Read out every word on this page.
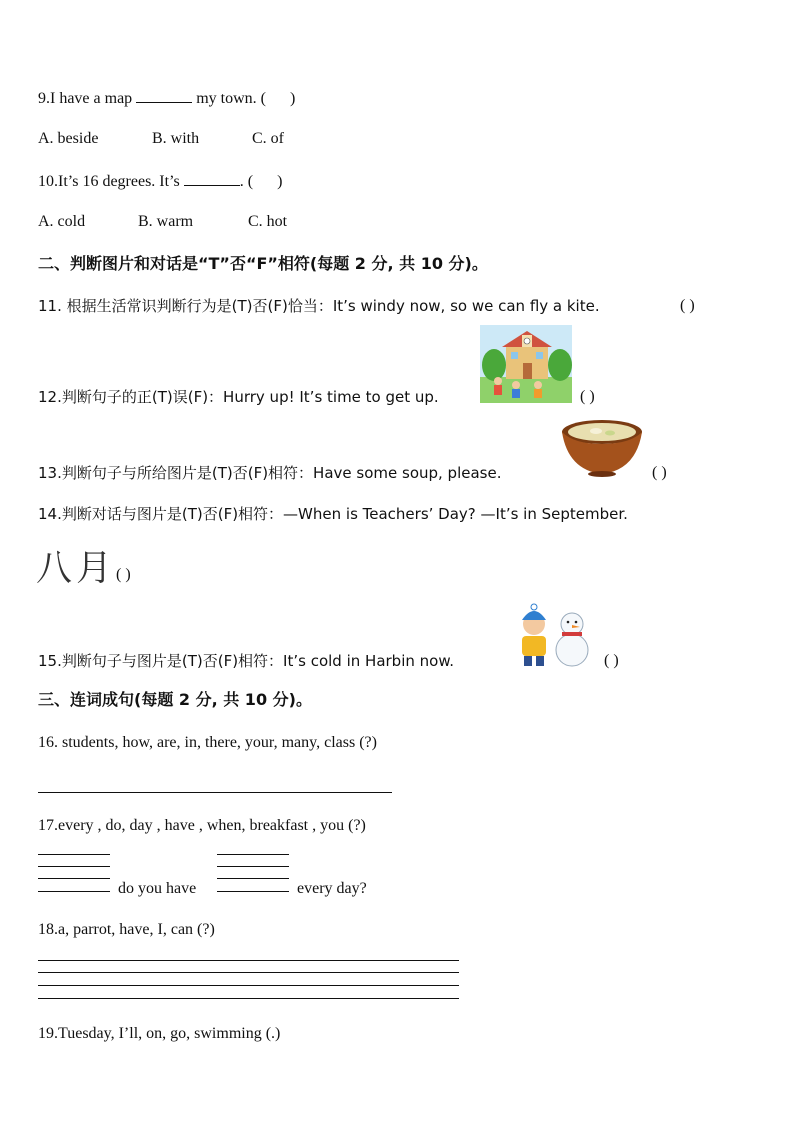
9.I have a map	my town. ( )
A. beside	B. with	C. of
10.It’s 16 degrees. It’s	. ( )
A. cold	B. warm	C. hot
二、判断图片和对话是“T”否“F”相符(每题 2 分, 共 10 分)。
11. 根据生活常识判断行为是(T)否(F)恰当：It’s windy now, so we can fly a kite.	( )
12.判断句子的正(T)误(F)：Hurry up! It’s time to get up.	( )
13.判断句子与所给图片是(T)否(F)相符：Have some soup, please.	( )
14.判断对话与图片是(T)否(F)相符：—When is Teachers’ Day? —It’s in September.
八月 ( )
15.判断句子与图片是(T)否(F)相符：It’s cold in Harbin now.	( )
三、连词成句(每题 2 分, 共 10 分)。
16. students, how, are, in, there, your, many, class (?)
17.every , do, day , have , when, breakfast , you (?)
do you have	every day?
18.a, parrot, have, I, can (?)
19.Tuesday, I’ll, on, go, swimming (.)
